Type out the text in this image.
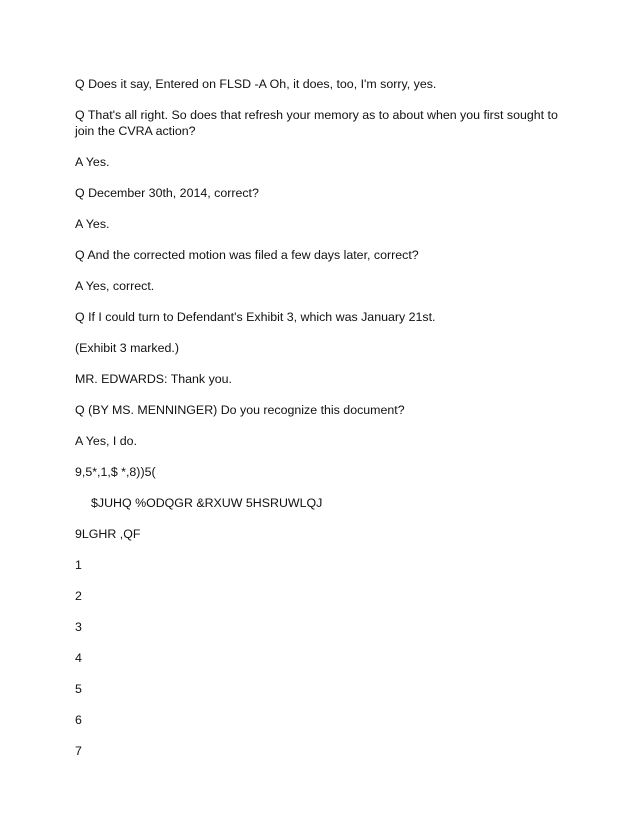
Q Does it say, Entered on FLSD -A Oh, it does, too, I'm sorry, yes.
Q That's all right. So does that refresh your memory as to about when you first sought to join the CVRA action?
A Yes.
Q December 30th, 2014, correct?
A Yes.
Q And the corrected motion was filed a few days later, correct?
A Yes, correct.
Q If I could turn to Defendant's Exhibit 3, which was January 21st.
(Exhibit 3 marked.)
MR. EDWARDS: Thank you.
Q (BY MS. MENNINGER) Do you recognize this document?
A Yes, I do.
9,5*,1,$ *,8))5(
$JUHQ %ODQGR &RXUW 5HSRUWLQJ
9LGHR ,QF
1
2
3
4
5
6
7
